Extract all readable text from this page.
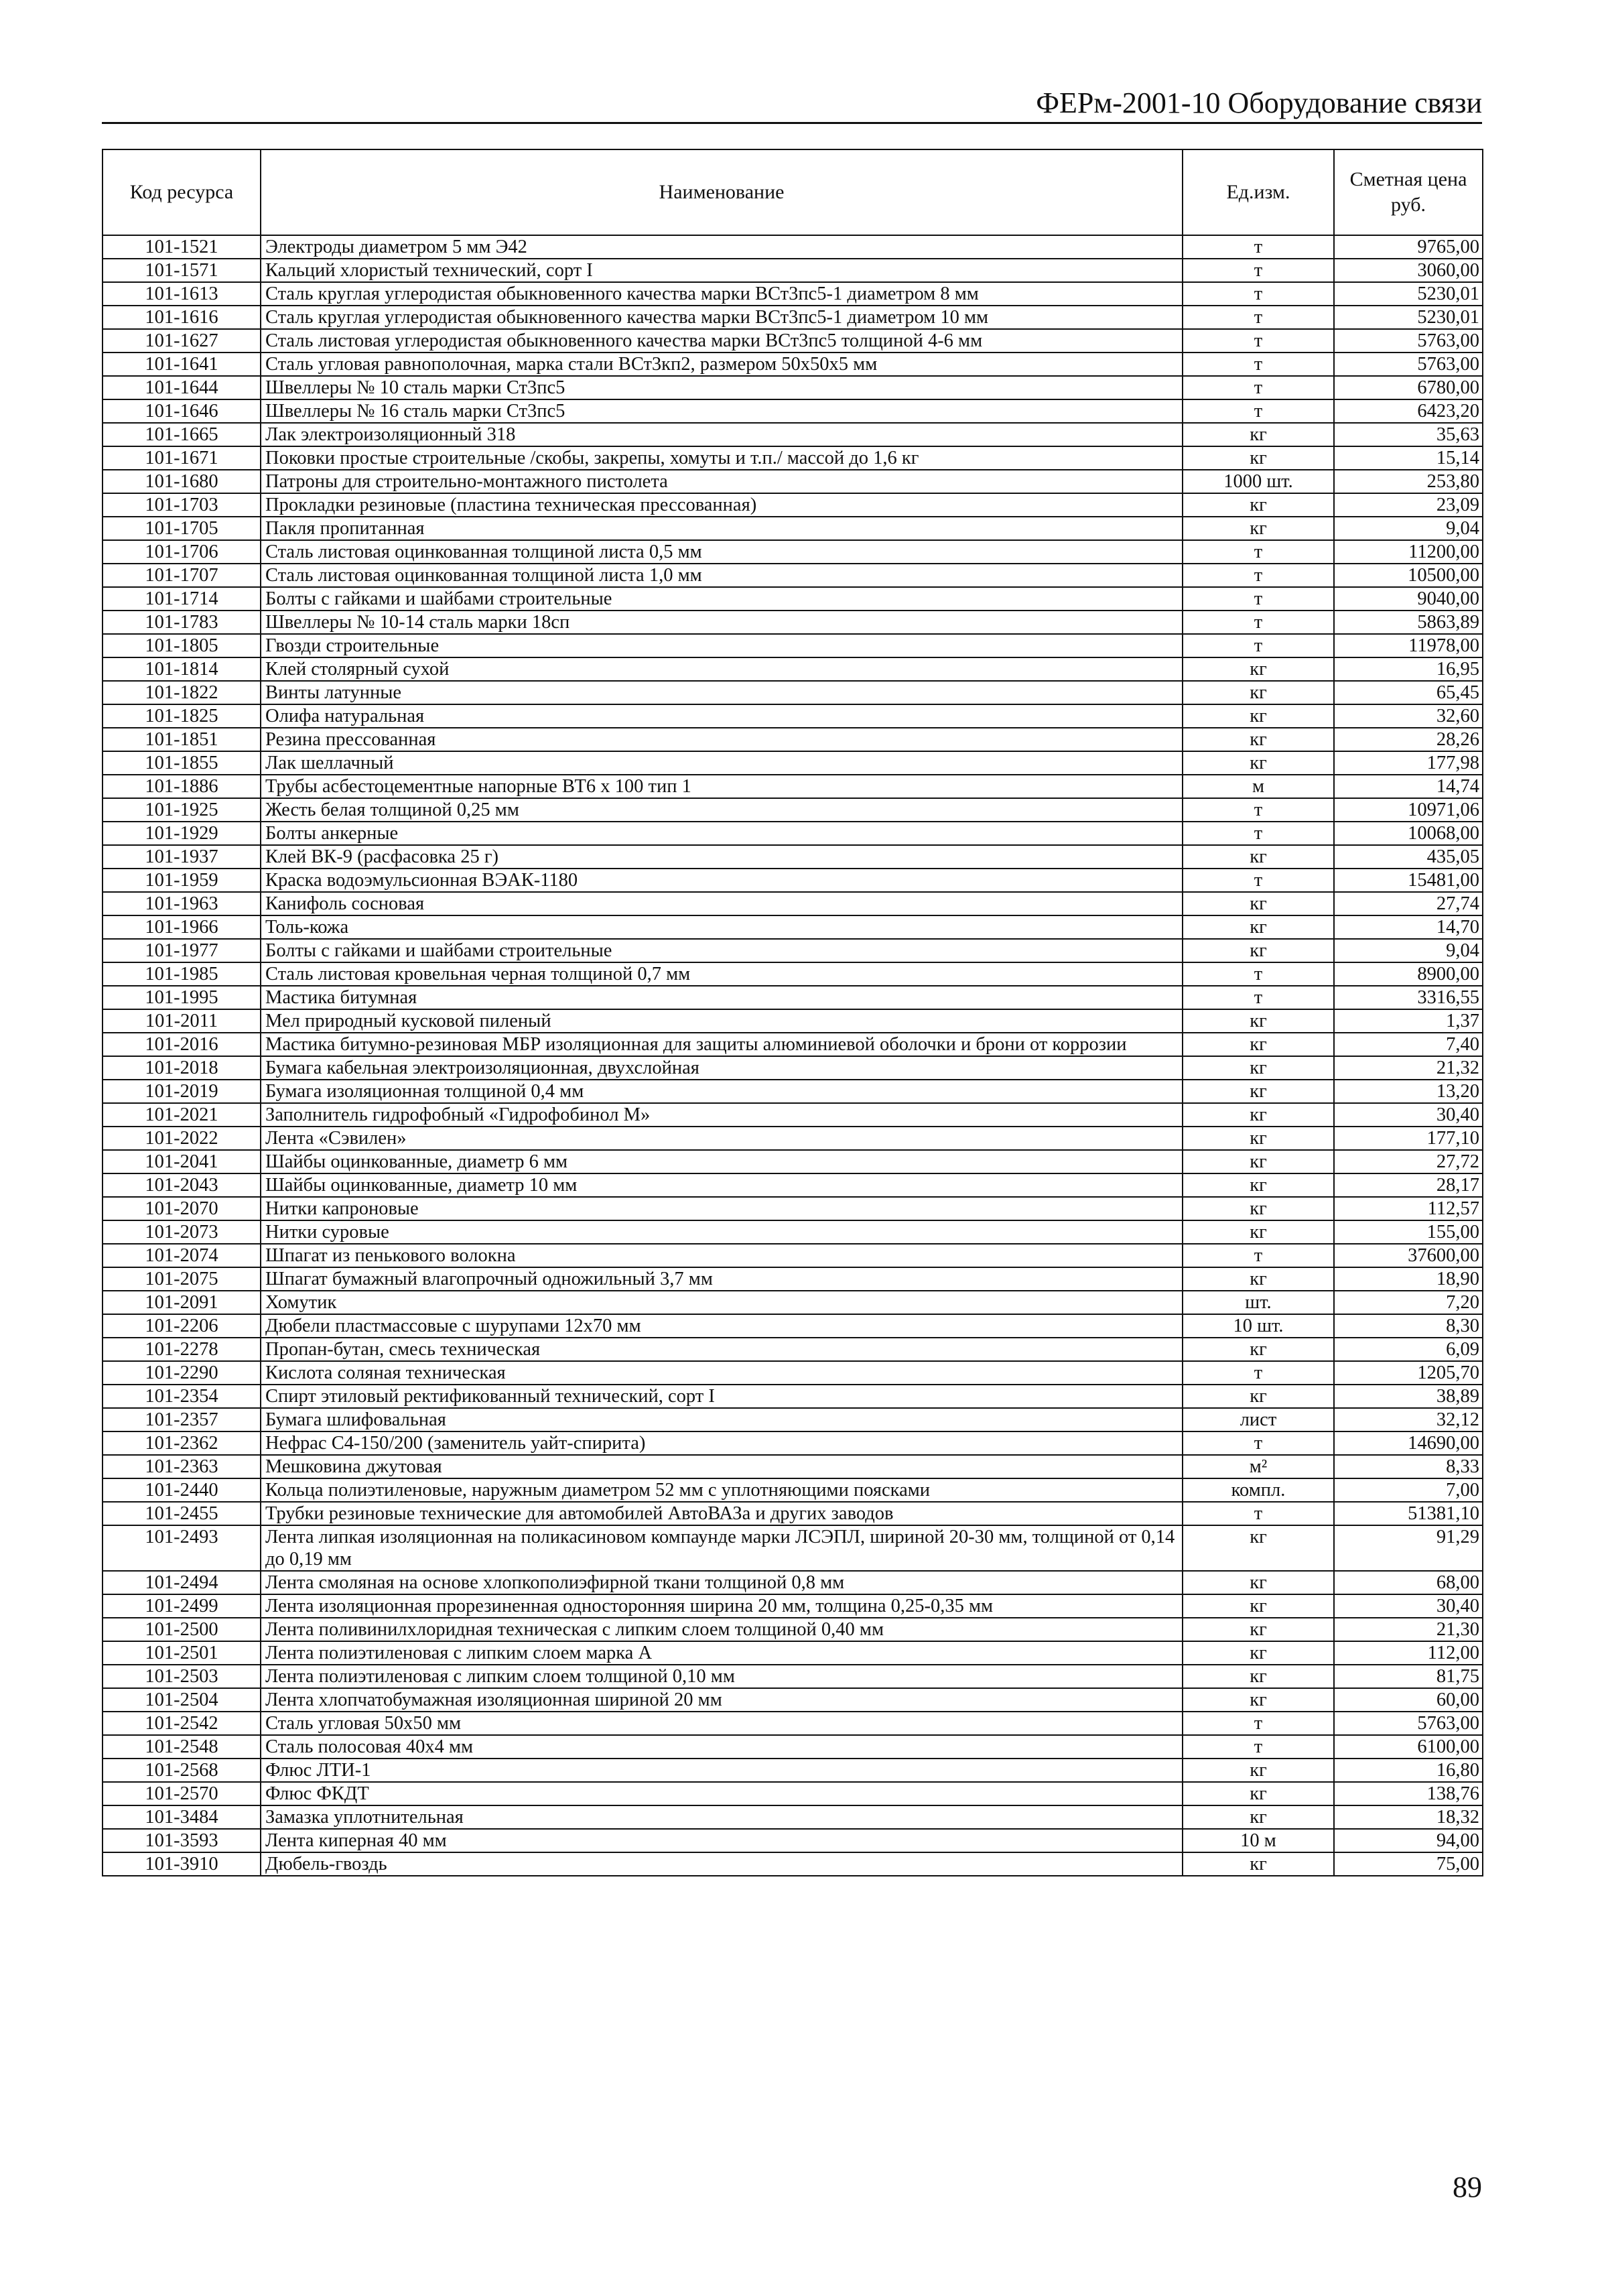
ФЕРм-2001-10 Оборудование связи
Код ресурса	Наименование	Ед.изм.	Сметная цена руб.
101-1521	Электроды диаметром 5 мм Э42	т	9765,00
101-1571	Кальций хлористый технический, сорт I	т	3060,00
101-1613	Сталь круглая углеродистая обыкновенного качества марки ВСт3пс5-1 диаметром 8 мм	т	5230,01
101-1616	Сталь круглая углеродистая обыкновенного качества марки ВСт3пс5-1 диаметром 10 мм	т	5230,01
101-1627	Сталь листовая углеродистая обыкновенного качества марки ВСт3пс5 толщиной 4-6 мм	т	5763,00
101-1641	Сталь угловая равнополочная, марка стали ВСт3кп2, размером 50x50x5 мм	т	5763,00
101-1644	Швеллеры № 10 сталь марки Ст3пс5	т	6780,00
101-1646	Швеллеры № 16 сталь марки Ст3пс5	т	6423,20
101-1665	Лак электроизоляционный 318	кг	35,63
101-1671	Поковки простые строительные /скобы, закрепы, хомуты и т.п./ массой до 1,6 кг	кг	15,14
101-1680	Патроны для строительно-монтажного пистолета	1000 шт.	253,80
101-1703	Прокладки резиновые (пластина техническая прессованная)	кг	23,09
101-1705	Пакля пропитанная	кг	9,04
101-1706	Сталь листовая оцинкованная толщиной листа 0,5 мм	т	11200,00
101-1707	Сталь листовая оцинкованная толщиной листа 1,0 мм	т	10500,00
101-1714	Болты с гайками и шайбами строительные	т	9040,00
101-1783	Швеллеры № 10-14 сталь марки 18сп	т	5863,89
101-1805	Гвозди строительные	т	11978,00
101-1814	Клей столярный сухой	кг	16,95
101-1822	Винты латунные	кг	65,45
101-1825	Олифа натуральная	кг	32,60
101-1851	Резина прессованная	кг	28,26
101-1855	Лак шеллачный	кг	177,98
101-1886	Трубы асбестоцементные напорные ВТ6 x 100 тип 1	м	14,74
101-1925	Жесть белая толщиной 0,25 мм	т	10971,06
101-1929	Болты анкерные	т	10068,00
101-1937	Клей ВК-9 (расфасовка 25 г)	кг	435,05
101-1959	Краска водоэмульсионная ВЭАК-1180	т	15481,00
101-1963	Канифоль сосновая	кг	27,74
101-1966	Толь-кожа	кг	14,70
101-1977	Болты с гайками и шайбами строительные	кг	9,04
101-1985	Сталь листовая кровельная черная толщиной 0,7 мм	т	8900,00
101-1995	Мастика битумная	т	3316,55
101-2011	Мел природный кусковой пиленый	кг	1,37
101-2016	Мастика битумно-резиновая МБР изоляционная для защиты алюминиевой оболочки и брони от коррозии	кг	7,40
101-2018	Бумага кабельная электроизоляционная, двухслойная	кг	21,32
101-2019	Бумага изоляционная толщиной 0,4 мм	кг	13,20
101-2021	Заполнитель гидрофобный «Гидрофобинол М»	кг	30,40
101-2022	Лента «Сэвилен»	кг	177,10
101-2041	Шайбы оцинкованные, диаметр 6 мм	кг	27,72
101-2043	Шайбы оцинкованные, диаметр 10 мм	кг	28,17
101-2070	Нитки капроновые	кг	112,57
101-2073	Нитки суровые	кг	155,00
101-2074	Шпагат из пенькового волокна	т	37600,00
101-2075	Шпагат бумажный влагопрочный одножильный 3,7 мм	кг	18,90
101-2091	Хомутик	шт.	7,20
101-2206	Дюбели пластмассовые с шурупами 12x70 мм	10 шт.	8,30
101-2278	Пропан-бутан, смесь техническая	кг	6,09
101-2290	Кислота соляная техническая	т	1205,70
101-2354	Спирт этиловый ректификованный технический, сорт I	кг	38,89
101-2357	Бумага шлифовальная	лист	32,12
101-2362	Нефрас С4-150/200 (заменитель уайт-спирита)	т	14690,00
101-2363	Мешковина джутовая	м²	8,33
101-2440	Кольца полиэтиленовые, наружным диаметром 52 мм с уплотняющими поясками	компл.	7,00
101-2455	Трубки резиновые технические для автомобилей АвтоВАЗа и других заводов	т	51381,10
101-2493	Лента липкая изоляционная на поликасиновом компаунде марки ЛСЭПЛ, шириной 20-30 мм, толщиной от 0,14 до 0,19 мм	кг	91,29
101-2494	Лента смоляная на основе хлопкополиэфирной ткани толщиной 0,8 мм	кг	68,00
101-2499	Лента изоляционная прорезиненная односторонняя ширина 20 мм, толщина 0,25-0,35 мм	кг	30,40
101-2500	Лента поливинилхлоридная техническая с липким слоем толщиной 0,40 мм	кг	21,30
101-2501	Лента полиэтиленовая с липким слоем марка А	кг	112,00
101-2503	Лента полиэтиленовая с липким слоем толщиной 0,10 мм	кг	81,75
101-2504	Лента хлопчатобумажная изоляционная шириной 20 мм	кг	60,00
101-2542	Сталь угловая 50x50 мм	т	5763,00
101-2548	Сталь полосовая 40x4 мм	т	6100,00
101-2568	Флюс ЛТИ-1	кг	16,80
101-2570	Флюс ФКДТ	кг	138,76
101-3484	Замазка уплотнительная	кг	18,32
101-3593	Лента киперная 40 мм	10 м	94,00
101-3910	Дюбель-гвоздь	кг	75,00
89
